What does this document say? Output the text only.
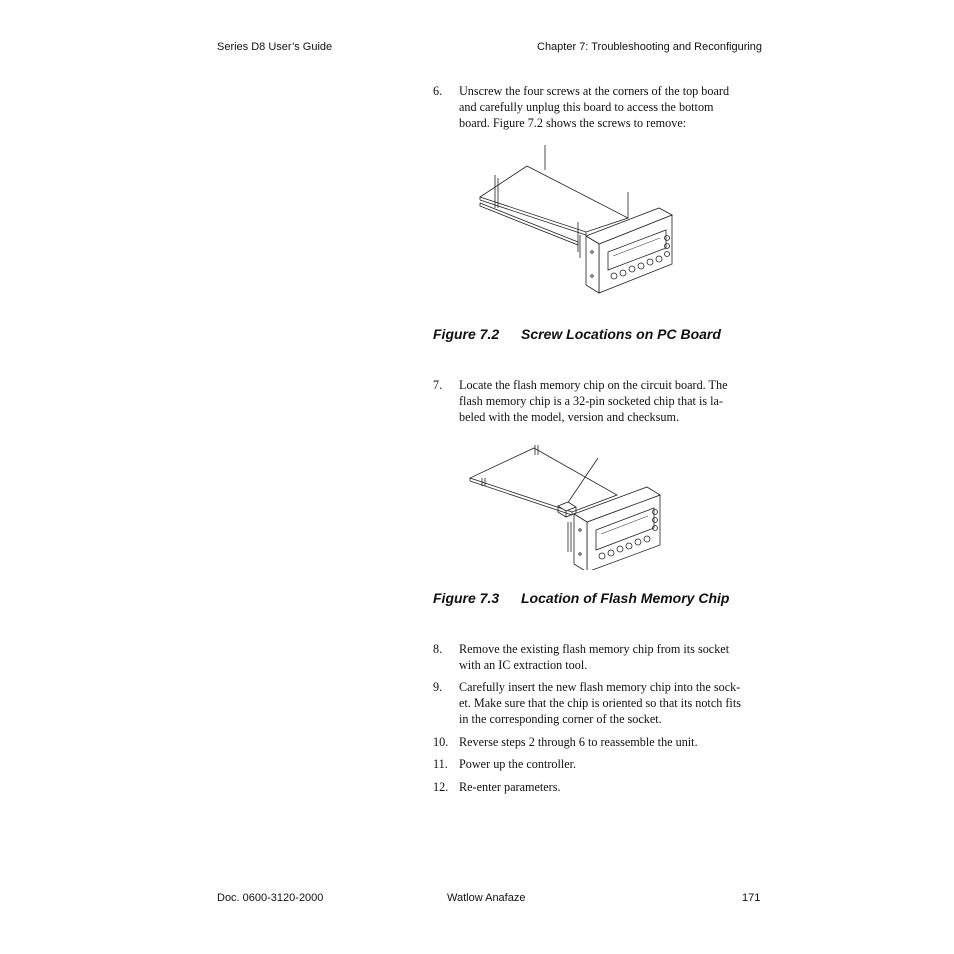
Series D8 User’s Guide	Chapter 7: Troubleshooting and Reconfiguring
6. Unscrew the four screws at the corners of the top board
and carefully unplug this board to access the bottom
board. Figure 7.2 shows the screws to remove:
Figure 7.2 Screw Locations on PC Board
7. Locate the flash memory chip on the circuit board. The
flash memory chip is a 32-pin socketed chip that is la-
beled with the model, version and checksum.
Figure 7.3 Location of Flash Memory Chip
8. Remove the existing flash memory chip from its socket
with an IC extraction tool.
9. Carefully insert the new flash memory chip into the sock-
et. Make sure that the chip is oriented so that its notch fits
in the corresponding corner of the socket.
10. Reverse steps 2 through 6 to reassemble the unit.
11. Power up the controller.
12. Re-enter parameters.
Doc. 0600-3120-2000	Watlow Anafaze	171
